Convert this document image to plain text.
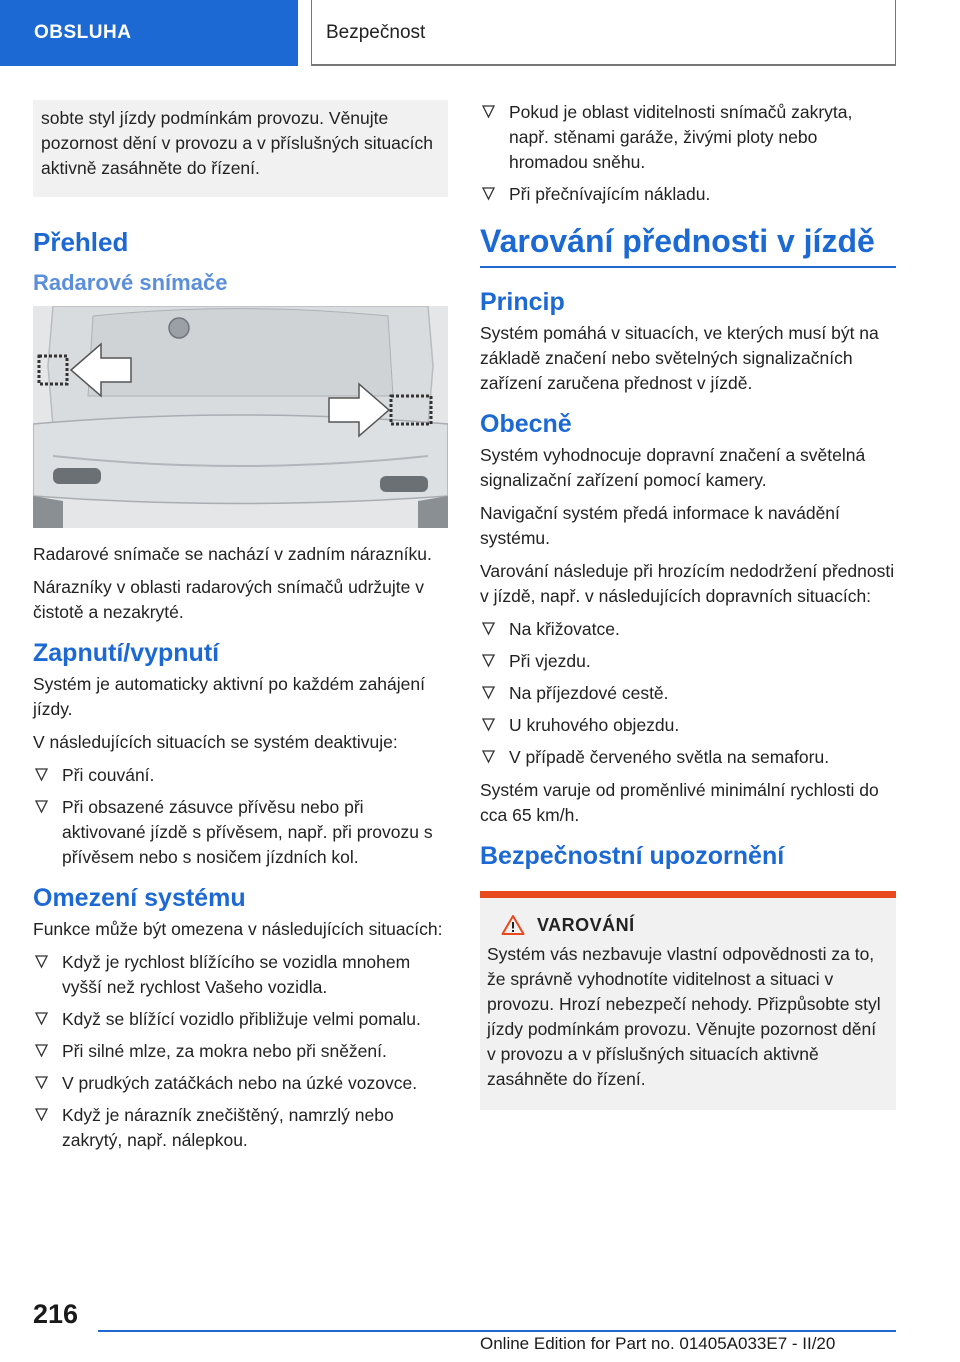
OBSLUHA	Bezpečnost

sobte styl jízdy podmínkám provozu. Věnujte pozornost dění v provozu a v příslušných situacích aktivně zasáhněte do řízení.

Přehled
Radarové snímače

Radarové snímače se nachází v zadním nárazníku.

Nárazníky v oblasti radarových snímačů udržujte v čistotě a nezakryté.

Zapnutí/vypnutí

Systém je automaticky aktivní po každém zahájení jízdy.

V následujících situacích se systém deaktivuje:

Při couvání.
Při obsazené zásuvce přívěsu nebo při aktivované jízdě s přívěsem, např. při provozu s přívěsem nebo s nosičem jízdních kol.
Omezení systému

Funkce může být omezena v následujících situacích:

Když je rychlost blížícího se vozidla mnohem vyšší než rychlost Vašeho vozidla.
Když se blížící vozidlo přibližuje velmi pomalu.
Při silné mlze, za mokra nebo při sněžení.
V prudkých zatáčkách nebo na úzké vozovce.
Když je nárazník znečištěný, namrzlý nebo zakrytý, např. nálepkou.
Pokud je oblast viditelnosti snímačů zakryta, např. stěnami garáže, živými ploty nebo hromadou sněhu.
Při přečnívajícím nákladu.
Varování přednosti v jízdě
Princip

Systém pomáhá v situacích, ve kterých musí být na základě značení nebo světelných signalizačních zařízení zaručena přednost v jízdě.

Obecně

Systém vyhodnocuje dopravní značení a světelná signalizační zařízení pomocí kamery.

Navigační systém předá informace k navádění systému.

Varování následuje při hrozícím nedodržení přednosti v jízdě, např. v následujících dopravních situacích:

Na křižovatce.
Při vjezdu.
Na příjezdové cestě.
U kruhového objezdu.
V případě červeného světla na semaforu.

Systém varuje od proměnlivé minimální rychlosti do cca 65 km/h.

Bezpečnostní upozornění
VAROVÁNÍ

Systém vás nezbavuje vlastní odpovědnosti za to, že správně vyhodnotíte viditelnost a situaci v provozu. Hrozí nebezpečí nehody. Přizpůsobte styl jízdy podmínkám provozu. Věnujte pozornost dění v provozu a v příslušných situacích aktivně zasáhněte do řízení.

216
Online Edition for Part no. 01405A033E7 - II/20
